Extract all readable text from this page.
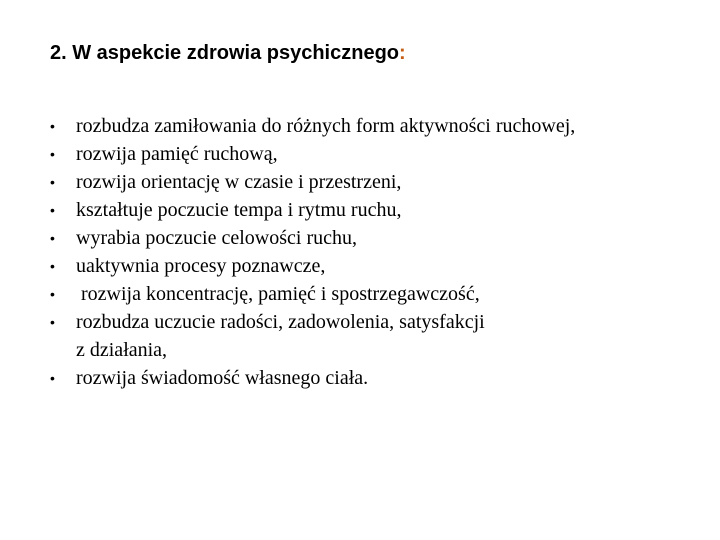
2. W aspekcie zdrowia psychicznego:
•	rozbudza zamiłowania do różnych form aktywności ruchowej,
•	rozwija pamięć ruchową,
•	rozwija orientację w czasie i przestrzeni,
•	kształtuje poczucie tempa i rytmu ruchu,
•	wyrabia poczucie celowości ruchu,
•	uaktywnia procesy poznawcze,
•	rozwija koncentrację, pamięć i spostrzegawczość,
•	rozbudza uczucie radości, zadowolenia, satysfakcji
z działania,
•	rozwija świadomość własnego ciała.
